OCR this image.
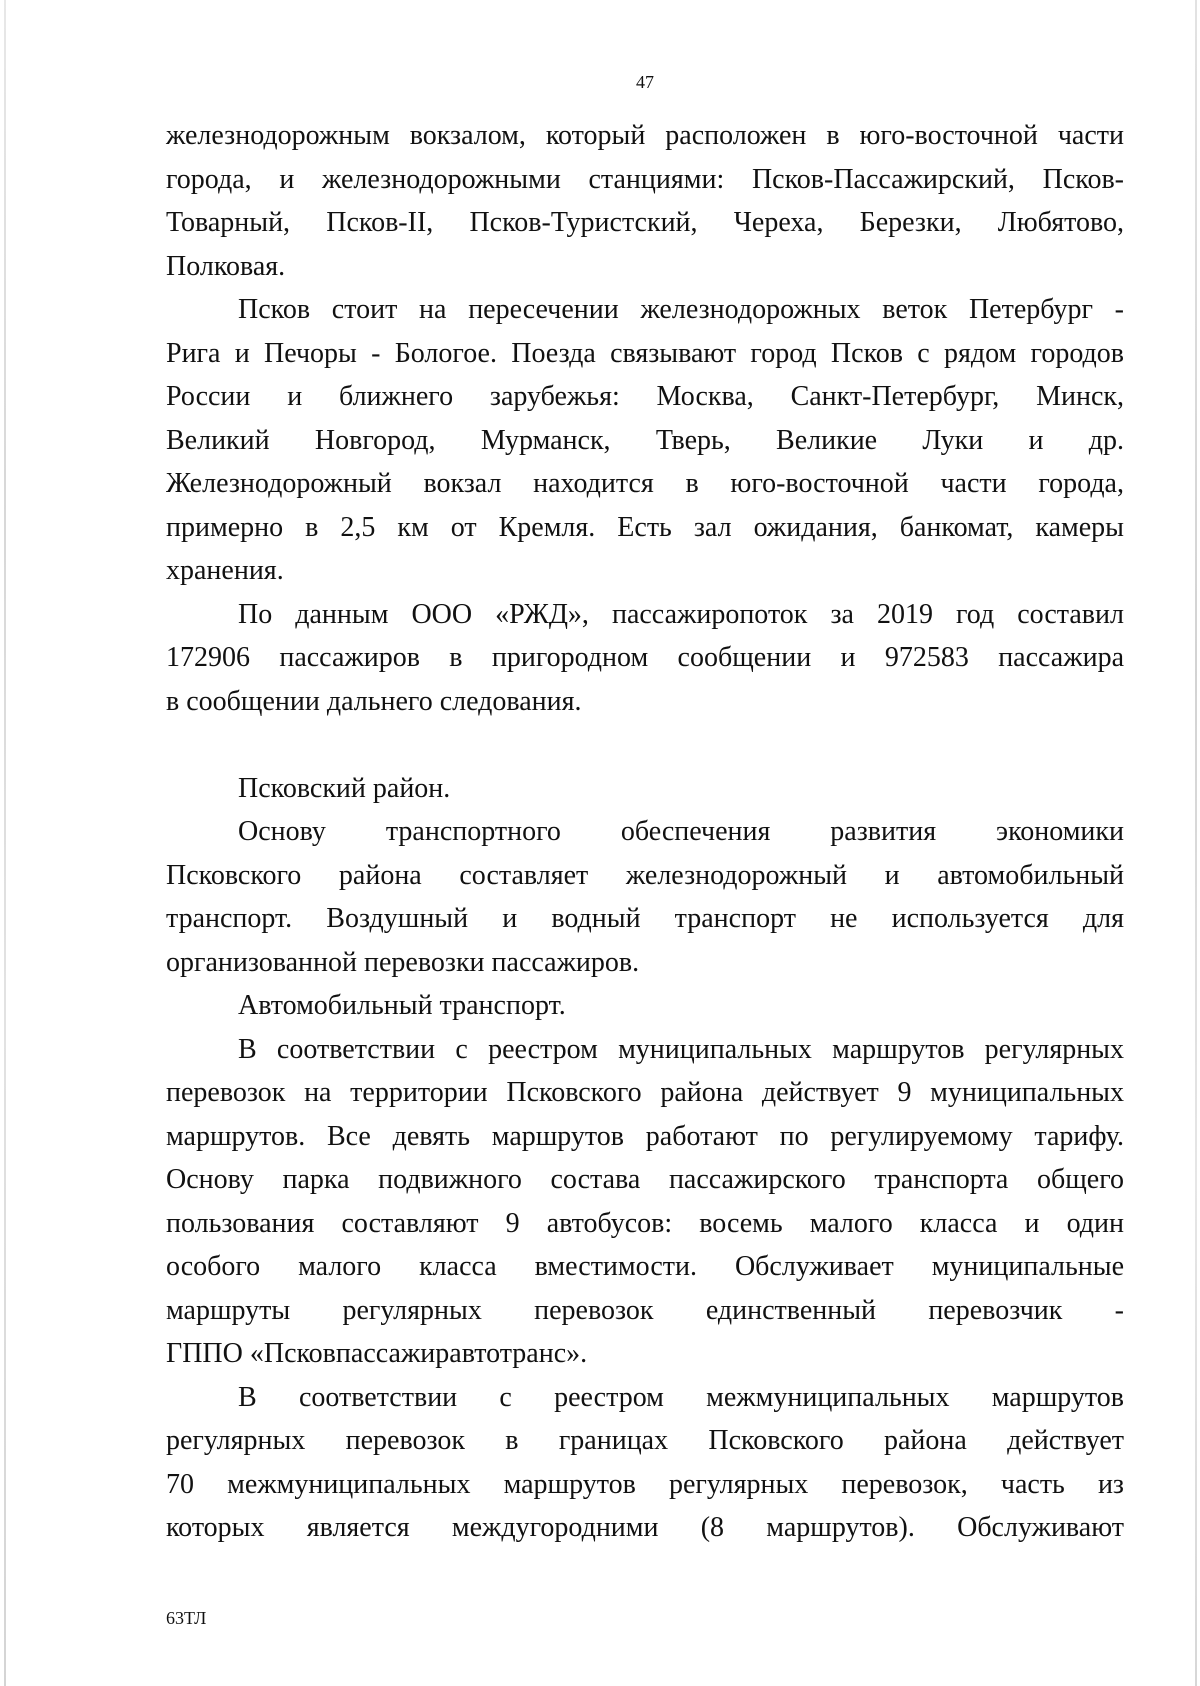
47
железнодорожным вокзалом, который расположен в юго-восточной части
города, и железнодорожными станциями: Псков-Пассажирский, Псков-
Товарный, Псков-II, Псков-Туристский, Череха, Березки, Любятово,
Полковая.
Псков стоит на пересечении железнодорожных веток Петербург -
Рига и Печоры - Бологое. Поезда связывают город Псков с рядом городов
России и ближнего зарубежья: Москва, Санкт-Петербург, Минск,
Великий Новгород, Мурманск, Тверь, Великие Луки и др.
Железнодорожный вокзал находится в юго-восточной части города,
примерно в 2,5 км от Кремля. Есть зал ожидания, банкомат, камеры
хранения.
По данным ООО «РЖД», пассажиропоток за 2019 год составил
172906 пассажиров в пригородном сообщении и 972583 пассажира
в сообщении дальнего следования.
Псковский район.
Основу транспортного обеспечения развития экономики
Псковского района составляет железнодорожный и автомобильный
транспорт. Воздушный и водный транспорт не используется для
организованной перевозки пассажиров.
Автомобильный транспорт.
В соответствии с реестром муниципальных маршрутов регулярных
перевозок на территории Псковского района действует 9 муниципальных
маршрутов. Все девять маршрутов работают по регулируемому тарифу.
Основу парка подвижного состава пассажирского транспорта общего
пользования составляют 9 автобусов: восемь малого класса и один
особого малого класса вместимости. Обслуживает муниципальные
маршруты регулярных перевозок единственный перевозчик -
ГППО «Псковпассажиравтотранс».
В соответствии с реестром межмуниципальных маршрутов
регулярных перевозок в границах Псковского района действует
70 межмуниципальных маршрутов регулярных перевозок, часть из
которых является междугородними (8 маршрутов). Обслуживают
63ТЛ
